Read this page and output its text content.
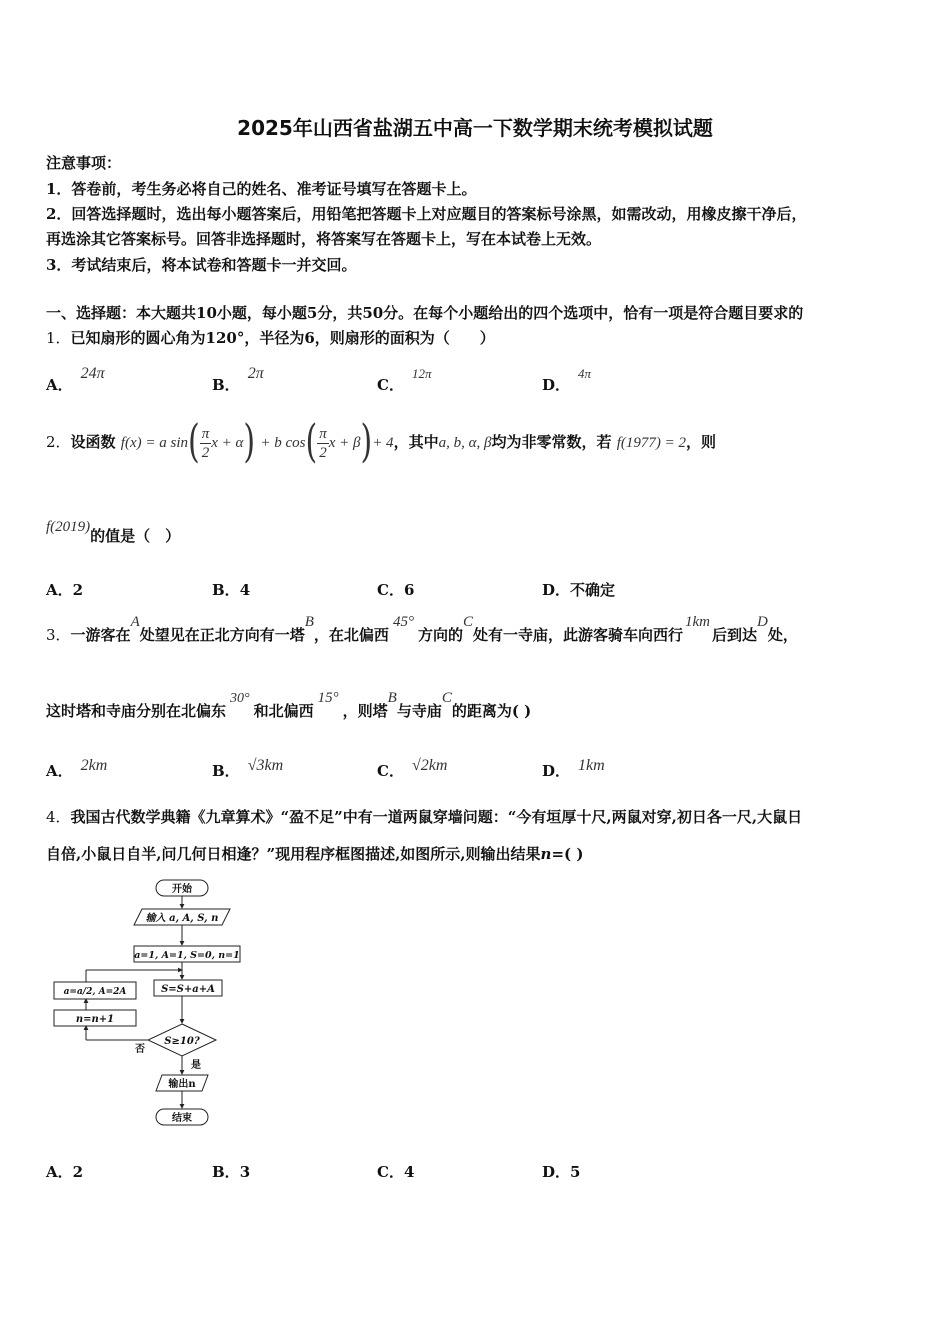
2025年山西省盐湖五中高一下数学期末统考模拟试题
注意事项：
1．答卷前，考生务必将自己的姓名、准考证号填写在答题卡上。
2．回答选择题时，选出每小题答案后，用铅笔把答题卡上对应题目的答案标号涂黑，如需改动，用橡皮擦干净后，
再选涂其它答案标号。回答非选择题时，将答案写在答题卡上，写在本试卷上无效。
3．考试结束后，将本试卷和答题卡一并交回。
一、选择题：本大题共10小题，每小题5分，共50分。在每个小题给出的四个选项中，恰有一项是符合题目要求的
1．已知扇形的圆心角为120°，半径为6，则扇形的面积为（　　）
A．24π
B．2π
C．12π
D．4π
2．设函数 f(x) = a $\sin( \frac{\pi}{2}$ x + α) + b $\cos( \frac{\pi}{2}$ x + β)+ 4，其中a, b, α, β均为非零常数，若 f(1977) = 2，则
f(2019)的值是（　）
A．2	B．4	C．6	D．不确定
3．一游客在A处望见在正北方向有一塔B，在北偏西45°方向的C处有一寺庙，此游客骑车向西行1km后到达D处，
这时塔和寺庙分别在北偏东30°和北偏西15°，则塔B与寺庙C的距离为( )
A． 2km	B． √3km	C． √2km	D． 1km
4．我国古代数学典籍《九章算术》“盈不足”中有一道两鼠穿墙问题：“今有垣厚十尺,两鼠对穿,初日各一尺,大鼠日
自倍,小鼠日自半,问几何日相逢？”现用程序框图描述,如图所示,则输出结果n=( )
开始
输入 a, A, S, n
a=1, A=1, S=0, n=1
S=S+a+A
a=a/2, A=2A
n=n+1
S≥10?
否
是
输出n
结束
A．2	B．3	C．4	D．5
